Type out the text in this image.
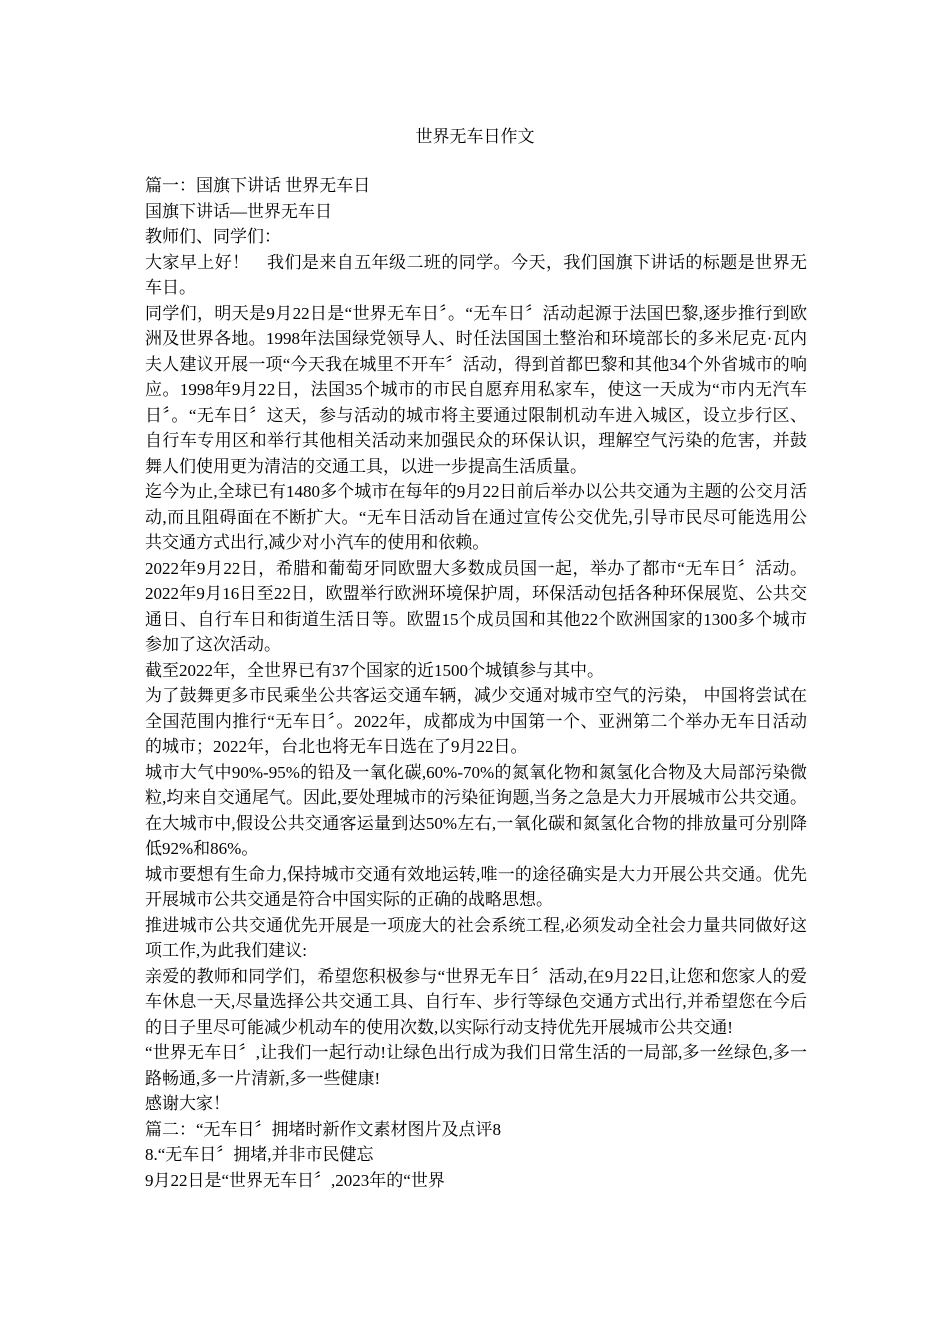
世界无车日作文

篇一：国旗下讲话 世界无车日

国旗下讲话—世界无车日

教师们、同学们：

大家早上好！　我们是来自五年级二班的同学。今天，我们国旗下讲话的标题是世界无车日。

同学们，明天是9月22日是“世界无车日〞。“无车日〞活动起源于法国巴黎,逐步推行到欧洲及世界各地。1998年法国绿党领导人、时任法国国土整治和环境部长的多米尼克·瓦内夫人建议开展一项“今天我在城里不开车〞活动，得到首都巴黎和其他34个外省城市的响应。1998年9月22日，法国35个城市的市民自愿弃用私家车，使这一天成为“市内无汽车日〞。“无车日〞这天，参与活动的城市将主要通过限制机动车进入城区，设立步行区、自行车专用区和举行其他相关活动来加强民众的环保认识，理解空气污染的危害，并鼓舞人们使用更为清洁的交通工具，以进一步提高生活质量。

迄今为止,全球已有1480多个城市在每年的9月22日前后举办以公共交通为主题的公交月活动,而且阻碍面在不断扩大。“无车日活动旨在通过宣传公交优先,引导市民尽可能选用公共交通方式出行,减少对小汽车的使用和依赖。

2022年9月22日，希腊和葡萄牙同欧盟大多数成员国一起，举办了都市“无车日〞活动。2022年9月16日至22日，欧盟举行欧洲环境保护周，环保活动包括各种环保展览、公共交通日、自行车日和街道生活日等。欧盟15个成员国和其他22个欧洲国家的1300多个城市参加了这次活动。

截至2022年，全世界已有37个国家的近1500个城镇参与其中。

为了鼓舞更多市民乘坐公共客运交通车辆，减少交通对城市空气的污染， 中国将尝试在全国范围内推行“无车日〞。2022年，成都成为中国第一个、亚洲第二个举办无车日活动的城市；2022年，台北也将无车日选在了9月22日。

城市大气中90%-95%的铅及一氧化碳,60%-70%的氮氧化物和氮氢化合物及大局部污染微粒,均来自交通尾气。因此,要处理城市的污染征询题,当务之急是大力开展城市公共交通。在大城市中,假设公共交通客运量到达50%左右,一氧化碳和氮氢化合物的排放量可分别降低92%和86%。

城市要想有生命力,保持城市交通有效地运转,唯一的途径确实是大力开展公共交通。优先开展城市公共交通是符合中国实际的正确的战略思想。

推进城市公共交通优先开展是一项庞大的社会系统工程,必须发动全社会力量共同做好这项工作,为此我们建议:

亲爱的教师和同学们，希望您积极参与“世界无车日〞活动,在9月22日,让您和您家人的爱车休息一天,尽量选择公共交通工具、自行车、步行等绿色交通方式出行,并希望您在今后的日子里尽可能减少机动车的使用次数,以实际行动支持优先开展城市公共交通!

“世界无车日〞,让我们一起行动!让绿色出行成为我们日常生活的一局部,多一丝绿色,多一路畅通,多一片清新,多一些健康!

感谢大家！

篇二：“无车日〞拥堵时新作文素材图片及点评8

8.“无车日〞拥堵,并非市民健忘

9月22日是“世界无车日〞,2023年的“世界
